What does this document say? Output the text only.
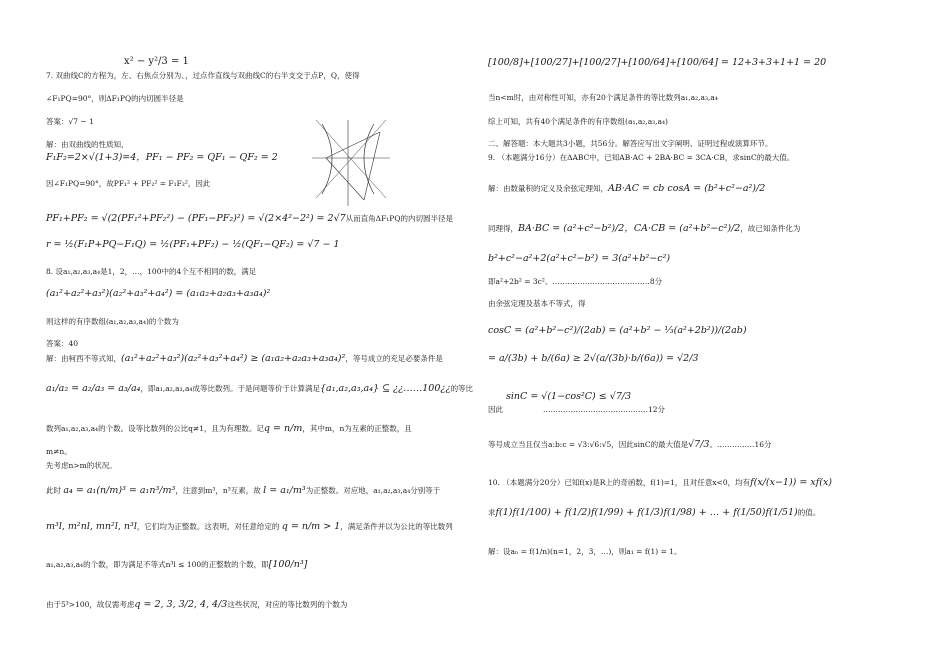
x² − y²/3 = 1
7. 双曲线C的方程为，左、右焦点分别为、，过点作直线与双曲线C的右半支交于点P，Q，使得
∠F₁PQ=90°，则ΔF₁PQ的内切圆半径是
答案：√7 − 1
解：由双曲线的性质知，
F₁F₂=2×√(1+3)=4，PF₁ − PF₂ = QF₁ − QF₂ = 2
因∠F₁PQ=90°，故PF₁² + PF₂² = F₁F₂²，因此
PF₁+PF₂ = √(2(PF₁²+PF₂²) − (PF₁−PF₂)²) = √(2×4²−2²) = 2√7从而直角ΔF₁PQ的内切圆半径是
r = ½(F₁P+PQ−F₁Q) = ½(PF₁+PF₂) − ½(QF₁−QF₂) = √7 − 1
8. 设a₁,a₂,a₃,a₄是1，2，…，100中的4个互不相同的数，满足
(a₁²+a₂²+a₃²)(a₂²+a₃²+a₄²) = (a₁a₂+a₂a₃+a₃a₄)²
则这样的有序数组(a₁,a₂,a₃,a₄)的个数为
答案：40
解：由柯西不等式知，(a₁²+a₂²+a₃²)(a₂²+a₃²+a₄²) ≥ (a₁a₂+a₂a₃+a₃a₄)²，等号成立的充足必要条件是
a₁/a₂ = a₂/a₃ = a₃/a₄，即a₁,a₂,a₃,a₄成等比数列。于是问题等价于计算满足{a₁,a₂,a₃,a₄} ⊆ ¿¿……100¿¿的等比
数列a₁,a₂,a₃,a₄的个数。设等比数列的公比q≠1，且为有理数。记q = n/m，其中m，n为互素的正整数，且
m≠n。
先考虑n>m的状况。
此时 a₄ = a₁(n/m)³ = a₁n³/m³，注意到m³，n³互素，故 l = a₁/m³为正整数。对应地，a₁,a₂,a₃,a₄分别等于
m³l, m²nl, mn²l, n³l，它们均为正整数。这表明，对任意给定的 q = n/m > 1，满足条件并以为公比的等比数列
a₁,a₂,a₃,a₄的个数，即为满足不等式n³l ≤ 100的正整数的个数，即[100/n³]
由于5³>100，故仅需考虑q = 2, 3, 3/2, 4, 4/3这些状况，对应的等比数列的个数为
[100/8]+[100/27]+[100/27]+[100/64]+[100/64] = 12+3+3+1+1 = 20
当n<m时，由对称性可知，亦有20个满足条件的等比数列a₁,a₂,a₃,a₄
综上可知，共有40个满足条件的有序数组(a₁,a₂,a₃,a₄)
二、解答题：本大题共3小题，共56分。解答应写出文字阐明、证明过程或演算环节。
9. （本题满分16分）在ΔABC中，已知AB·AC + 2BA·BC = 3CA·CB，求sinC的最大值。
解：由数量积的定义及余弦定理知，AB·AC = cb cosA = (b²+c²−a²)/2
同理得，BA·BC = (a²+c²−b²)/2，CA·CB = (a²+b²−c²)/2，故已知条件化为
b²+c²−a²+2(a²+c²−b²) = 3(a²+b²−c²)
即a²+2b² = 3c²。…………………………………8分
由余弦定理及基本不等式，得
cosC = (a²+b²−c²)/(2ab) = (a²+b² − ⅓(a²+2b²))/(2ab)
= a/(3b) + b/(6a) ≥ 2√(a/(3b)·b/(6a)) = √2/3
sinC = √(1−cos²C) ≤ √7/3
因此	……………………………………12分
等号成立当且仅当a:b:c = √3:√6:√5，因此sinC的最大值是√7/3。……………16分
10. （本题满分20分）已知f(x)是R上的奇函数，f(1)=1，且对任意x<0，均有f(x/(x−1)) = xf(x)
求f(1)f(1/100) + f(1/2)f(1/99) + f(1/3)f(1/98) + … + f(1/50)f(1/51)的值。
解：设aₙ = f(1/n)(n=1，2，3，…)，则a₁ = f(1) = 1。
